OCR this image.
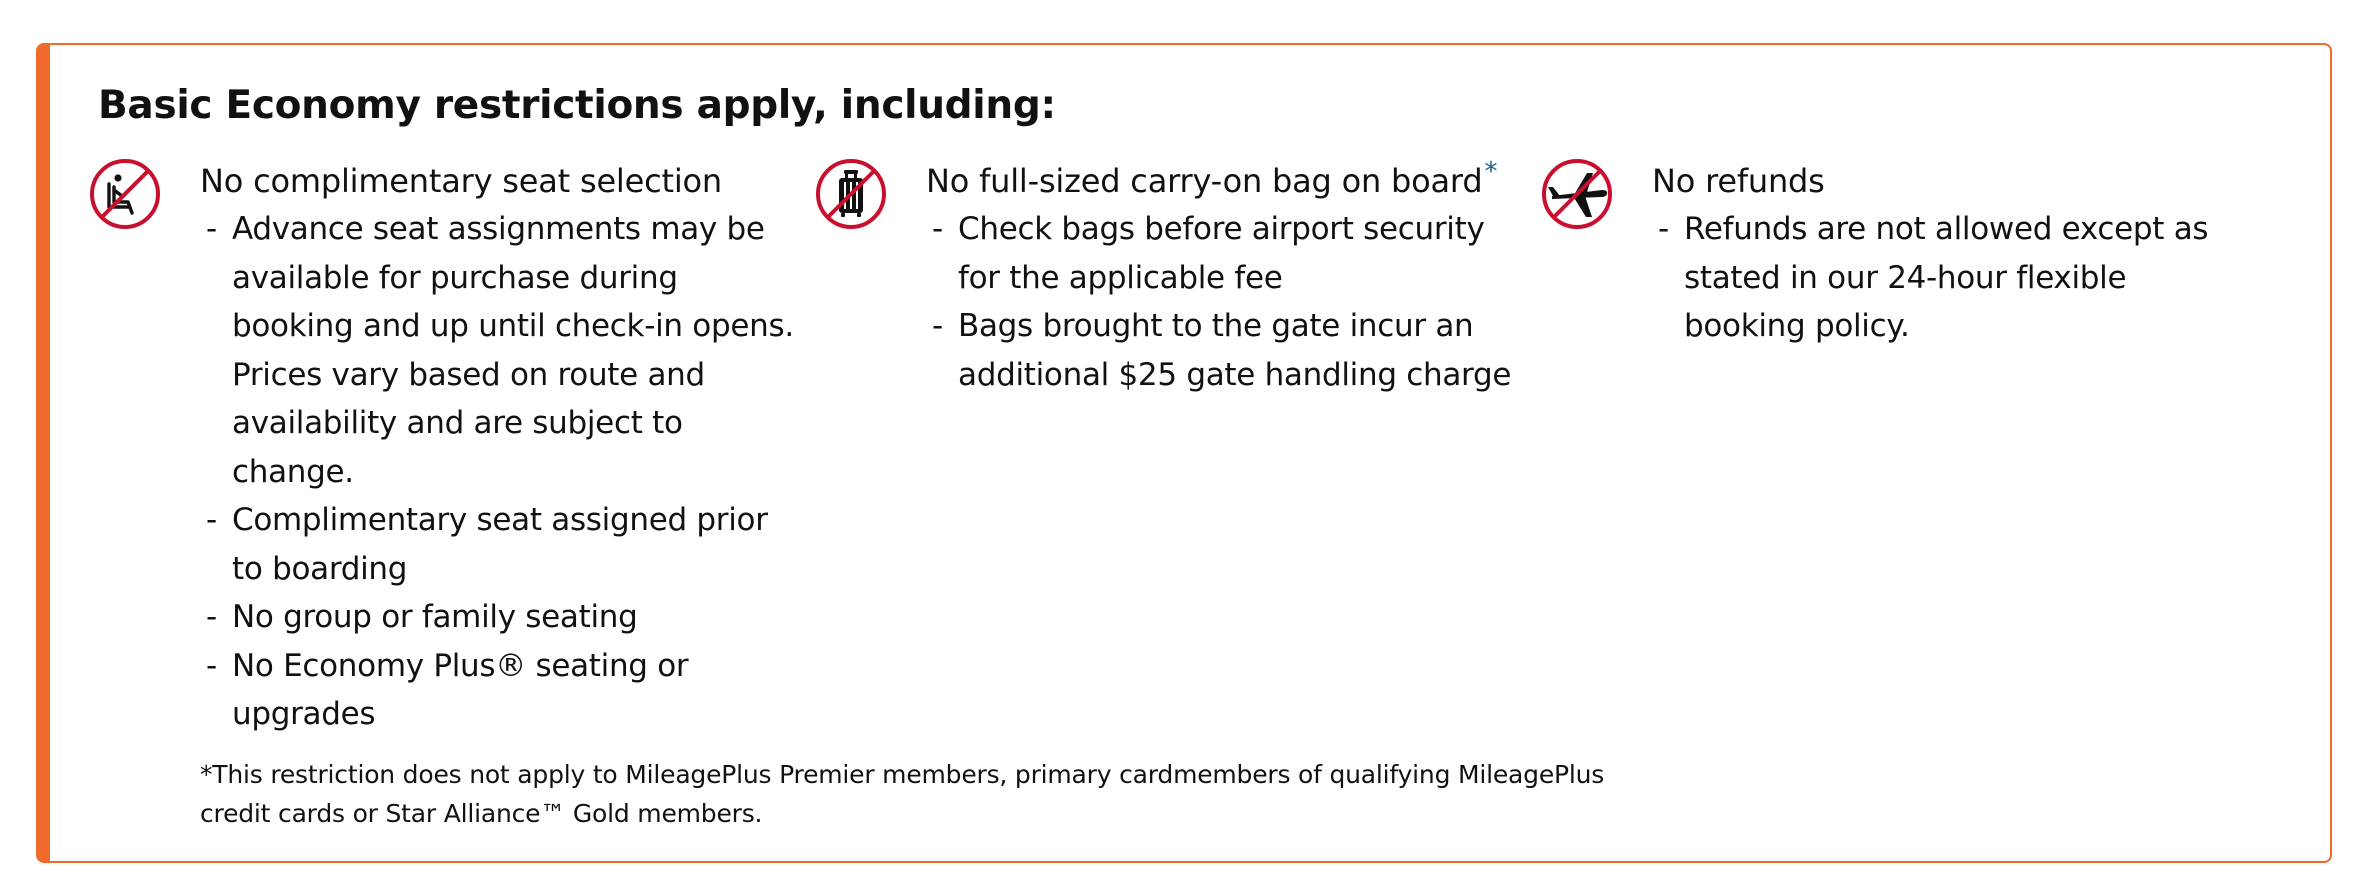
Basic Economy restrictions apply, including:
No complimentary seat selection
- Advance seat assignments may be available for purchase during booking and up until check-in opens. Prices vary based on route and availability and are subject to change.
- Complimentary seat assigned prior to boarding
- No group or family seating
- No Economy Plus® seating or upgrades
No full-sized carry-on bag on board*
- Check bags before airport security for the applicable fee
- Bags brought to the gate incur an additional $25 gate handling charge
No refunds
- Refunds are not allowed except as stated in our 24-hour flexible booking policy.

*This restriction does not apply to MileagePlus Premier members, primary cardmembers of qualifying MileagePlus credit cards or Star Alliance™ Gold members.
